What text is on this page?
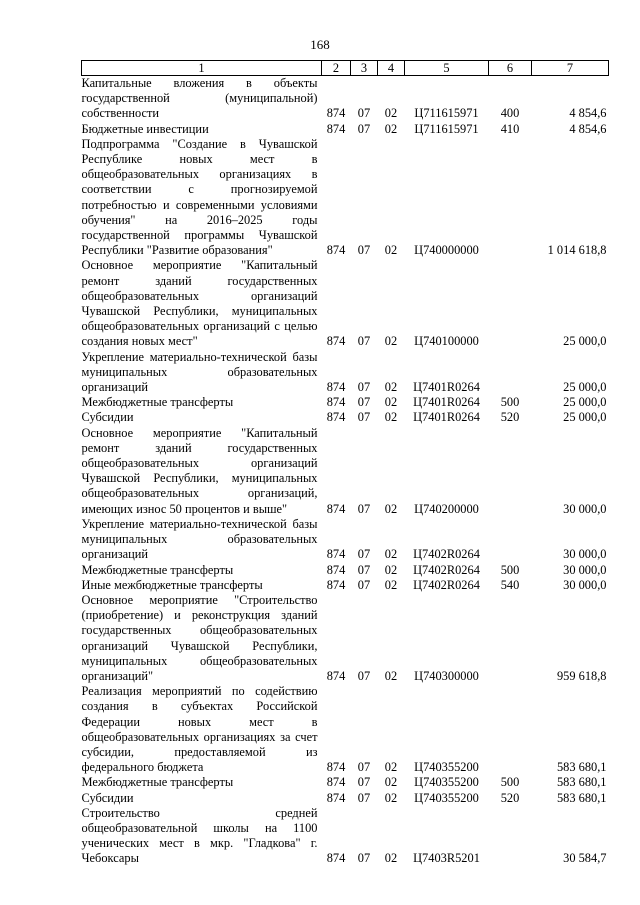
168
1	2	3	4	5	6	7
Капитальные вложения в объекты государственной (муниципальной) собственности	874	07	02	Ц711615971	400	4 854,6
Бюджетные инвестиции	874	07	02	Ц711615971	410	4 854,6
Подпрограмма "Создание в Чувашской Республике новых мест в общеобразовательных организациях в соответствии с прогнозируемой потребностью и современными условиями обучения" на 2016–2025 годы государственной программы Чувашской Республики "Развитие образования"	874	07	02	Ц740000000		1 014 618,8
Основное мероприятие "Капитальный ремонт зданий государственных общеобразовательных организаций Чувашской Республики, муниципальных общеобразовательных организаций с целью создания новых мест"	874	07	02	Ц740100000		25 000,0
Укрепление материально-технической базы муниципальных образовательных организаций	874	07	02	Ц7401R0264		25 000,0
Межбюджетные трансферты	874	07	02	Ц7401R0264	500	25 000,0
Субсидии	874	07	02	Ц7401R0264	520	25 000,0
Основное мероприятие "Капитальный ремонт зданий государственных общеобразовательных организаций Чувашской Республики, муниципальных общеобразовательных организаций, имеющих износ 50 процентов и выше"	874	07	02	Ц740200000		30 000,0
Укрепление материально-технической базы муниципальных образовательных организаций	874	07	02	Ц7402R0264		30 000,0
Межбюджетные трансферты	874	07	02	Ц7402R0264	500	30 000,0
Иные межбюджетные трансферты	874	07	02	Ц7402R0264	540	30 000,0
Основное мероприятие "Строительство (приобретение) и реконструкция зданий государственных общеобразовательных организаций Чувашской Республики, муниципальных общеобразовательных организаций"	874	07	02	Ц740300000		959 618,8
Реализация мероприятий по содействию создания в субъектах Российской Федерации новых мест в общеобразовательных организациях за счет субсидии, предоставляемой из федерального бюджета	874	07	02	Ц740355200		583 680,1
Межбюджетные трансферты	874	07	02	Ц740355200	500	583 680,1
Субсидии	874	07	02	Ц740355200	520	583 680,1
Строительство средней общеобразовательной школы на 1100 ученических мест в мкр. "Гладкова" г. Чебоксары	874	07	02	Ц7403R5201		30 584,7
